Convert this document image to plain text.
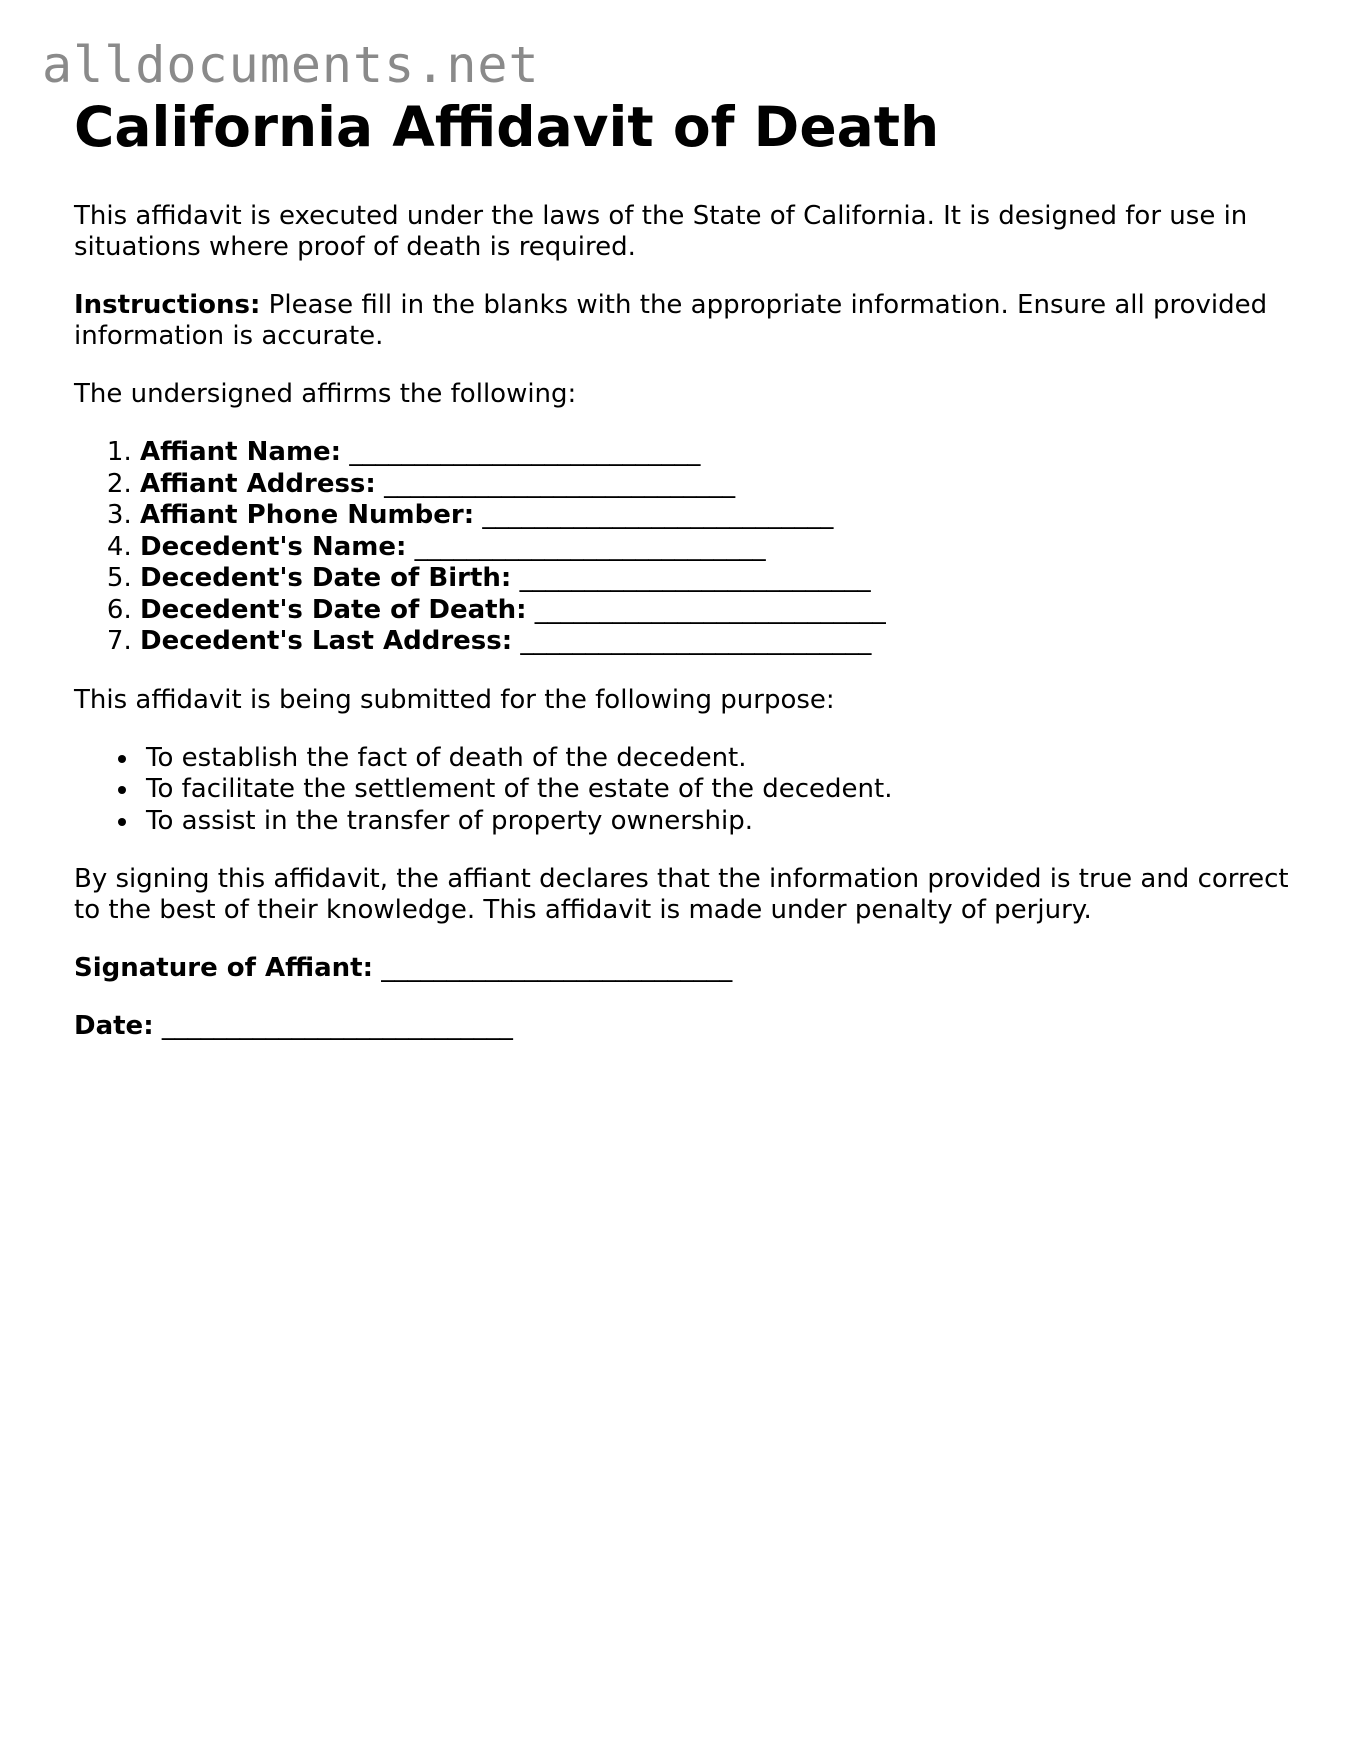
alldocuments.net
California Affidavit of Death

This affidavit is executed under the laws of the State of California. It is designed for use in situations where proof of death is required.

Instructions: Please fill in the blanks with the appropriate information. Ensure all provided information is accurate.

The undersigned affirms the following:

1. Affiant Name: ___________________________
2. Affiant Address: ___________________________
3. Affiant Phone Number: ___________________________
4. Decedent's Name: ___________________________
5. Decedent's Date of Birth: ___________________________
6. Decedent's Date of Death: ___________________________
7. Decedent's Last Address: ___________________________

This affidavit is being submitted for the following purpose:

• To establish the fact of death of the decedent.
• To facilitate the settlement of the estate of the decedent.
• To assist in the transfer of property ownership.

By signing this affidavit, the affiant declares that the information provided is true and correct to the best of their knowledge. This affidavit is made under penalty of perjury.

Signature of Affiant: ___________________________

Date: ___________________________
